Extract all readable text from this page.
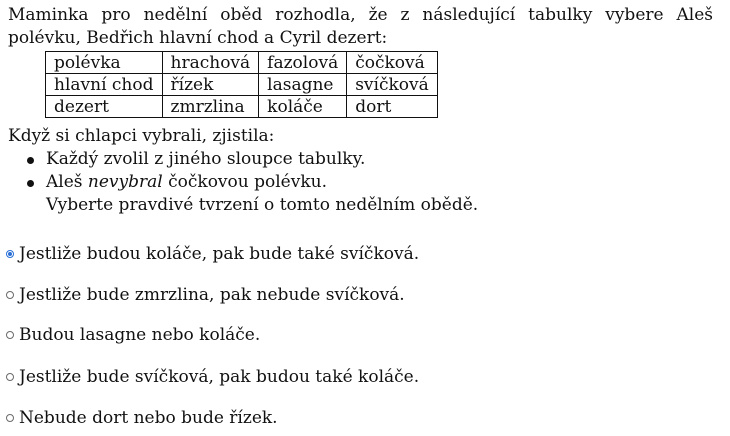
Maminka pro nedělní oběd rozhodla, že z následující tabulky vybere Aleš polévku, Bedřich hlavní chod a Cyril dezert:

polévka	hrachová	fazolová	čočková
hlavní chod	řízek	lasagne	svíčková
dezert	zmrzlina	koláče	dort
Když si chlapci vybrali, zjistila:
Každý zvolil z jiného sloupce tabulky.
Aleš nevybral čočkovou polévku.
Vyberte pravdivé tvrzení o tomto nedělním obědě.
Jestliže budou koláče, pak bude také svíčková.
Jestliže bude zmrzlina, pak nebude svíčková.
Budou lasagne nebo koláče.
Jestliže bude svíčková, pak budou také koláče.
Nebude dort nebo bude řízek.
